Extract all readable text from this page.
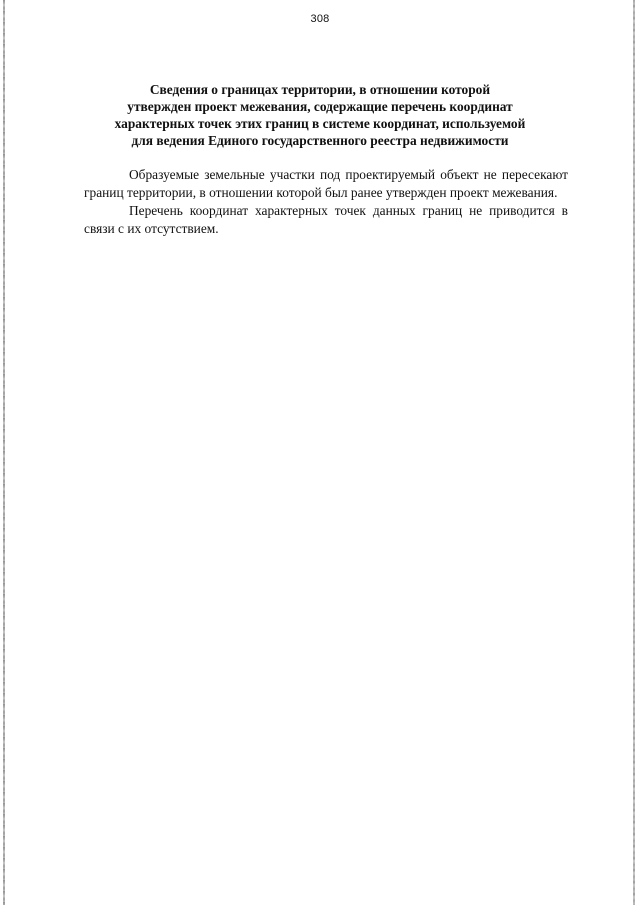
308
Сведения о границах территории, в отношении которой
утвержден проект межевания, содержащие перечень координат
характерных точек этих границ в системе координат, используемой
для ведения Единого государственного реестра недвижимости

Образуемые земельные участки под проектируемый объект не пересекают границ территории, в отношении которой был ранее утвержден проект межевания.

Перечень координат характерных точек данных границ не приводится в связи с их отсутствием.
